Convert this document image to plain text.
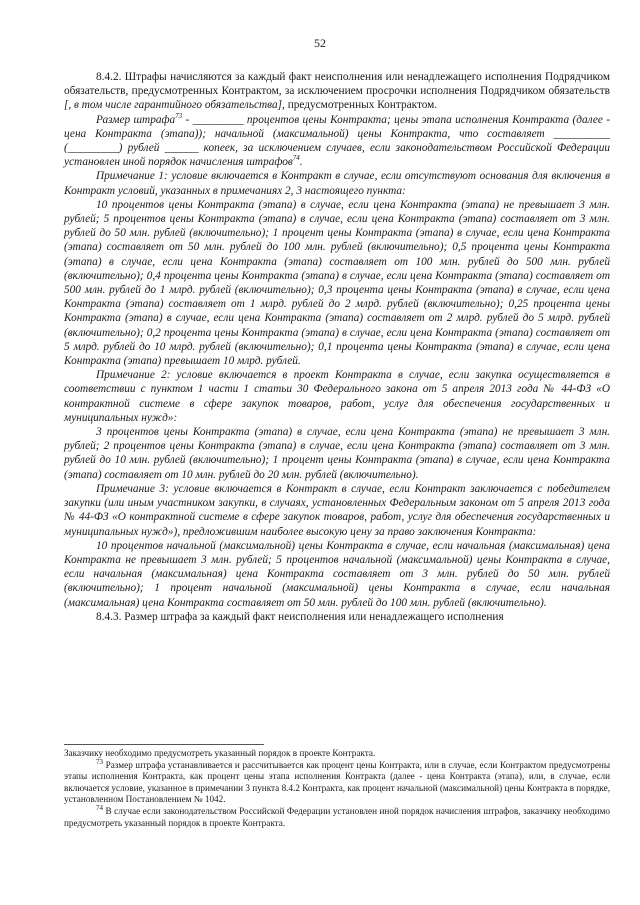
52

8.4.2. Штрафы начисляются за каждый факт неисполнения или ненадлежащего исполнения Подрядчиком обязательств, предусмотренных Контрактом, за исключением просрочки исполнения Подрядчиком обязательств [, в том числе гарантийного обязательства], предусмотренных Контрактом.

Размер штрафа$^{73}$ - _________ процентов цены Контракта; цены этапа исполнения Контракта (далее - цена Контракта (этапа)); начальной (максимальной) цены Контракта, что составляет __________ (_________) рублей ______ копеек, за исключением случаев, если законодательством Российской Федерации установлен иной порядок начисления штрафов$^{74}$.

Примечание 1: условие включается в Контракт в случае, если отсутствуют основания для включения в Контракт условий, указанных в примечаниях 2, 3 настоящего пункта:

10 процентов цены Контракта (этапа) в случае, если цена Контракта (этапа) не превышает 3 млн. рублей; 5 процентов цены Контракта (этапа) в случае, если цена Контракта (этапа) составляет от 3 млн. рублей до 50 млн. рублей (включительно); 1 процент цены Контракта (этапа) в случае, если цена Контракта (этапа) составляет от 50 млн. рублей до 100 млн. рублей (включительно); 0,5 процента цены Контракта (этапа) в случае, если цена Контракта (этапа) составляет от 100 млн. рублей до 500 млн. рублей (включительно); 0,4 процента цены Контракта (этапа) в случае, если цена Контракта (этапа) составляет от 500 млн. рублей до 1 млрд. рублей (включительно); 0,3 процента цены Контракта (этапа) в случае, если цена Контракта (этапа) составляет от 1 млрд. рублей до 2 млрд. рублей (включительно); 0,25 процента цены Контракта (этапа) в случае, если цена Контракта (этапа) составляет от 2 млрд. рублей до 5 млрд. рублей (включительно); 0,2 процента цены Контракта (этапа) в случае, если цена Контракта (этапа) составляет от 5 млрд. рублей до 10 млрд. рублей (включительно); 0,1 процента цены Контракта (этапа) в случае, если цена Контракта (этапа) превышает 10 млрд. рублей.

Примечание 2: условие включается в проект Контракта в случае, если закупка осуществляется в соответствии с пунктом 1 части 1 статьи 30 Федерального закона от 5 апреля 2013 года № 44-ФЗ «О контрактной системе в сфере закупок товаров, работ, услуг для обеспечения государственных и муниципальных нужд»:

3 процентов цены Контракта (этапа) в случае, если цена Контракта (этапа) не превышает 3 млн. рублей; 2 процентов цены Контракта (этапа) в случае, если цена Контракта (этапа) составляет от 3 млн. рублей до 10 млн. рублей (включительно); 1 процент цены Контракта (этапа) в случае, если цена Контракта (этапа) составляет от 10 млн. рублей до 20 млн. рублей (включительно).

Примечание 3: условие включается в Контракт в случае, если Контракт заключается с победителем закупки (или иным участником закупки, в случаях, установленных Федеральным законом от 5 апреля 2013 года № 44-ФЗ «О контрактной системе в сфере закупок товаров, работ, услуг для обеспечения государственных и муниципальных нужд»), предложившим наиболее высокую цену за право заключения Контракта:

10 процентов начальной (максимальной) цены Контракта в случае, если начальная (максимальная) цена Контракта не превышает 3 млн. рублей; 5 процентов начальной (максимальной) цены Контракта в случае, если начальная (максимальная) цена Контракта составляет от 3 млн. рублей до 50 млн. рублей (включительно); 1 процент начальной (максимальной) цены Контракта в случае, если начальная (максимальная) цена Контракта составляет от 50 млн. рублей до 100 млн. рублей (включительно).

8.4.3. Размер штрафа за каждый факт неисполнения или ненадлежащего исполнения

Заказчику необходимо предусмотреть указанный порядок в проекте Контракта.

$^{73}$ Размер штрафа устанавливается и рассчитывается как процент цены Контракта, или в случае, если Контрактом предусмотрены этапы исполнения Контракта, как процент цены этапа исполнения Контракта (далее - цена Контракта (этапа), или, в случае, если включается условие, указанное в примечании 3 пункта 8.4.2 Контракта, как процент начальной (максимальной) цены Контракта в порядке, установленном Постановлением № 1042.

$^{74}$ В случае если законодательством Российской Федерации установлен иной порядок начисления штрафов, заказчику необходимо предусмотреть указанный порядок в проекте Контракта.
